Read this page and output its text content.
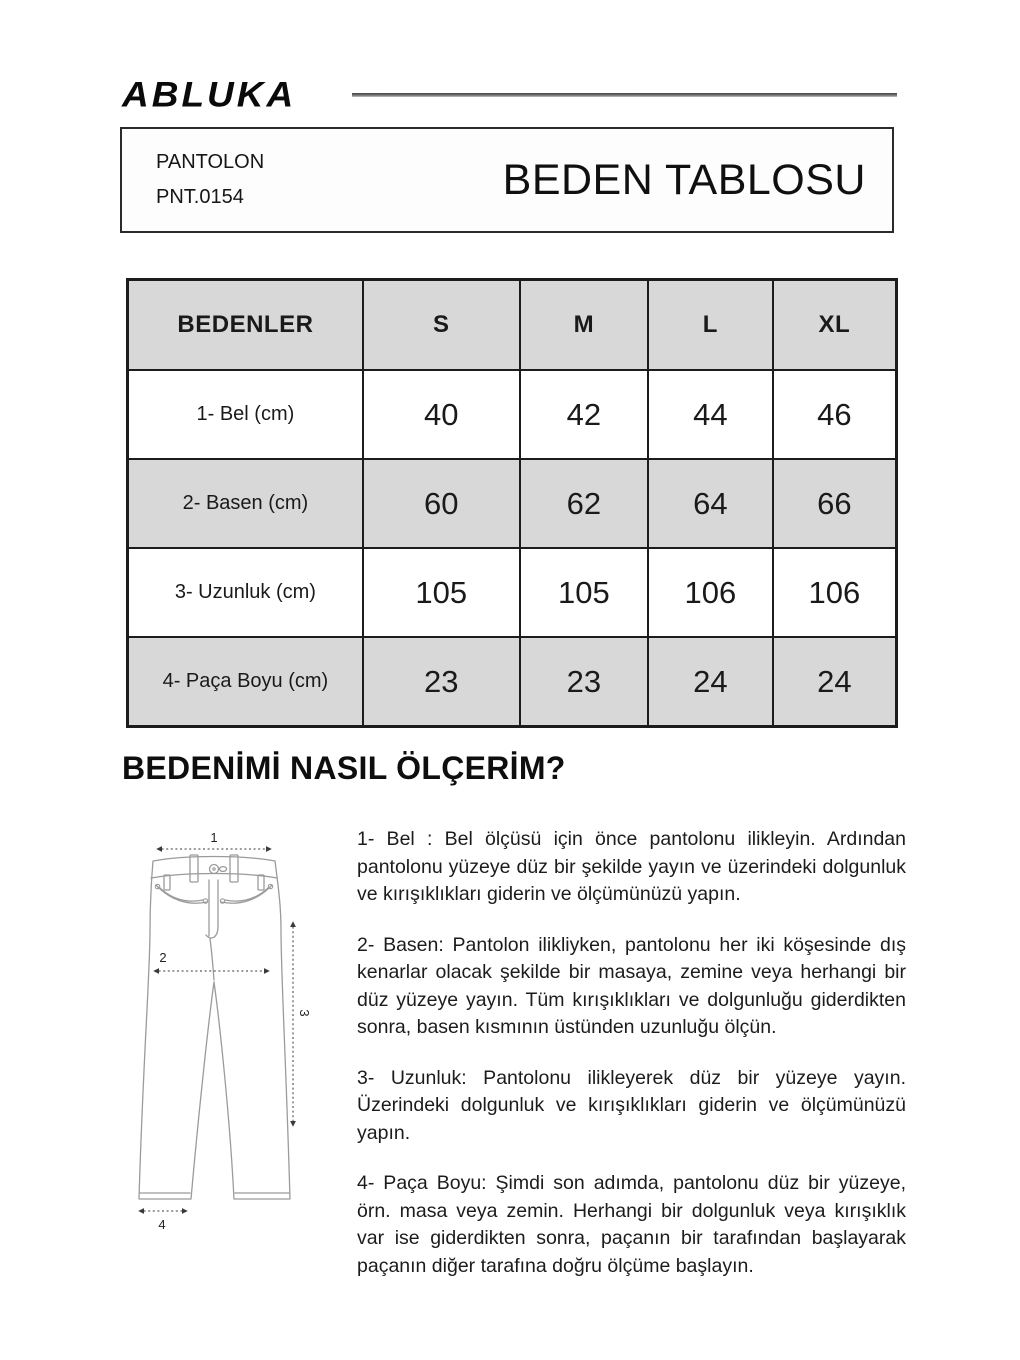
ABLUKA
PANTOLON
PNT.0154	BEDEN TABLOSU
BEDENLER	S	M	L	XL
1- Bel (cm)	40	42	44	46
2- Basen (cm)	60	62	64	66
3- Uzunluk (cm)	105	105	106	106
4- Paça Boyu (cm)	23	23	24	24
BEDENİMİ NASIL ÖLÇERİM?
1
2
3
4

1- Bel : Bel ölçüsü için önce pantolonu ilikleyin. Ardından pantolonu yüzeye düz bir şekilde yayın ve üzerindeki dolgunluk ve kırışıklıkları giderin ve ölçümünüzü yapın.

2- Basen: Pantolon ilikliyken, pantolonu her iki köşesinde dış kenarlar olacak şekilde bir masaya, zemine veya herhangi bir düz yüzeye yayın. Tüm kırışıklıkları ve dolgunluğu giderdikten sonra, basen kısmının üstünden uzunluğu ölçün.

3- Uzunluk: Pantolonu ilikleyerek düz bir yüzeye yayın. Üzerindeki dolgunluk ve kırışıklıkları giderin ve ölçümünüzü yapın.

4- Paça Boyu: Şimdi son adımda, pantolonu düz bir yüzeye, örn. masa veya zemin. Herhangi bir dolgunluk veya kırışıklık var ise giderdikten sonra, paçanın bir tarafından başlayarak paçanın diğer tarafına doğru ölçüme başlayın.
